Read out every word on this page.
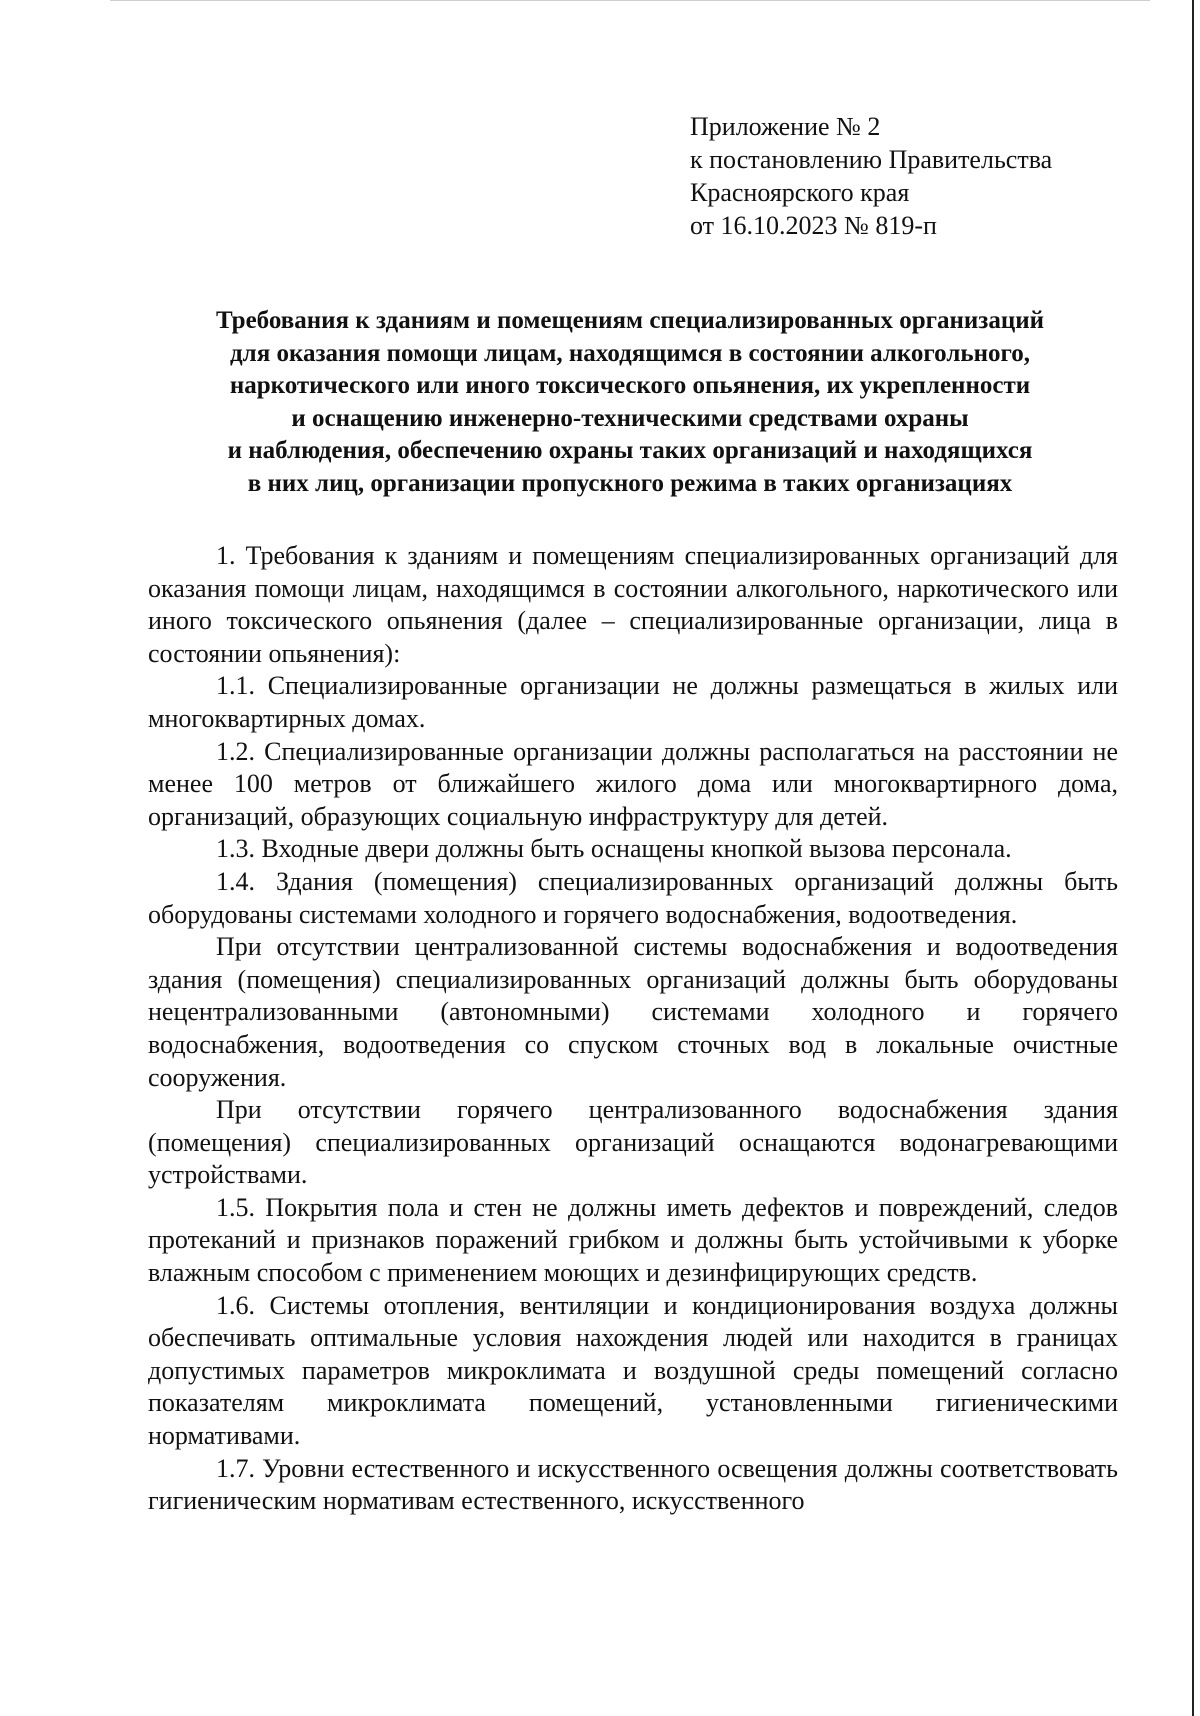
Приложение № 2
к постановлению Правительства
Красноярского края
от 16.10.2023 № 819-п
Требования к зданиям и помещениям специализированных организаций
для оказания помощи лицам, находящимся в состоянии алкогольного,
наркотического или иного токсического опьянения, их укрепленности
и оснащению инженерно-техническими средствами охраны
и наблюдения, обеспечению охраны таких организаций и находящихся
в них лиц, организации пропускного режима в таких организациях

1. Требования к зданиям и помещениям специализированных организаций для оказания помощи лицам, находящимся в состоянии алкогольного, наркотического или иного токсического опьянения (далее – специализированные организации, лица в состоянии опьянения):

1.1. Специализированные организации не должны размещаться в жилых или многоквартирных домах.

1.2. Специализированные организации должны располагаться на расстоянии не менее 100 метров от ближайшего жилого дома или многоквартирного дома, организаций, образующих социальную инфраструктуру для детей.

1.3. Входные двери должны быть оснащены кнопкой вызова персонала.

1.4. Здания (помещения) специализированных организаций должны быть оборудованы системами холодного и горячего водоснабжения, водоотведения.

При отсутствии централизованной системы водоснабжения и водоотведения здания (помещения) специализированных организаций должны быть оборудованы нецентрализованными (автономными) системами холодного и горячего водоснабжения, водоотведения со спуском сточных вод в локальные очистные сооружения.

При отсутствии горячего централизованного водоснабжения здания (помещения) специализированных организаций оснащаются водонагревающими устройствами.

1.5. Покрытия пола и стен не должны иметь дефектов и повреждений, следов протеканий и признаков поражений грибком и должны быть устойчивыми к уборке влажным способом с применением моющих и дезинфицирующих средств.

1.6. Системы отопления, вентиляции и кондиционирования воздуха должны обеспечивать оптимальные условия нахождения людей или находится в границах допустимых параметров микроклимата и воздушной среды помещений согласно показателям микроклимата помещений, установленными гигиеническими нормативами.

1.7. Уровни естественного и искусственного освещения должны соответствовать гигиеническим нормативам естественного, искусственного
